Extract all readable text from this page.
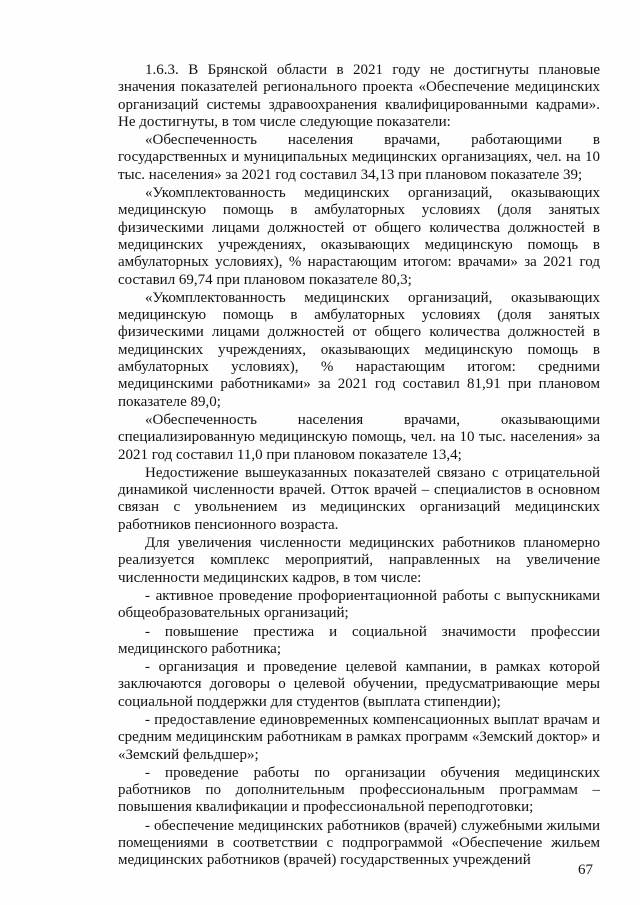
1.6.3. В Брянской области в 2021 году не достигнуты плановые значения показателей регионального проекта «Обеспечение медицинских организаций системы здравоохранения квалифицированными кадрами». Не достигнуты, в том числе следующие показатели:

«Обеспеченность населения врачами, работающими в государственных и муниципальных медицинских организациях, чел. на 10 тыс. населения» за 2021 год составил 34,13 при плановом показателе 39;

«Укомплектованность медицинских организаций, оказывающих медицинскую помощь в амбулаторных условиях (доля занятых физическими лицами должностей от общего количества должностей в медицинских учреждениях, оказывающих медицинскую помощь в амбулаторных условиях), % нарастающим итогом: врачами» за 2021 год составил 69,74 при плановом показателе 80,3;

«Укомплектованность медицинских организаций, оказывающих медицинскую помощь в амбулаторных условиях (доля занятых физическими лицами должностей от общего количества должностей в медицинских учреждениях, оказывающих медицинскую помощь в амбулаторных условиях), % нарастающим итогом: средними медицинскими работниками» за 2021 год составил 81,91 при плановом показателе 89,0;

«Обеспеченность населения врачами, оказывающими специализированную медицинскую помощь, чел. на 10 тыс. населения» за 2021 год составил 11,0 при плановом показателе 13,4;

Недостижение вышеуказанных показателей связано с отрицательной динамикой численности врачей. Отток врачей – специалистов в основном связан с увольнением из медицинских организаций медицинских работников пенсионного возраста.

Для увеличения численности медицинских работников планомерно реализуется комплекс мероприятий, направленных на увеличение численности медицинских кадров, в том числе:

- активное проведение профориентационной работы с выпускниками общеобразовательных организаций;

- повышение престижа и социальной значимости профессии медицинского работника;

- организация и проведение целевой кампании, в рамках которой заключаются договоры о целевой обучении, предусматривающие меры социальной поддержки для студентов (выплата стипендии);

- предоставление единовременных компенсационных выплат врачам и средним медицинским работникам в рамках программ «Земский доктор» и «Земский фельдшер»;

- проведение работы по организации обучения медицинских работников по дополнительным профессиональным программам – повышения квалификации и профессиональной переподготовки;

- обеспечение медицинских работников (врачей) служебными жилыми помещениями в соответствии с подпрограммой «Обеспечение жильем медицинских работников (врачей) государственных учреждений

67
